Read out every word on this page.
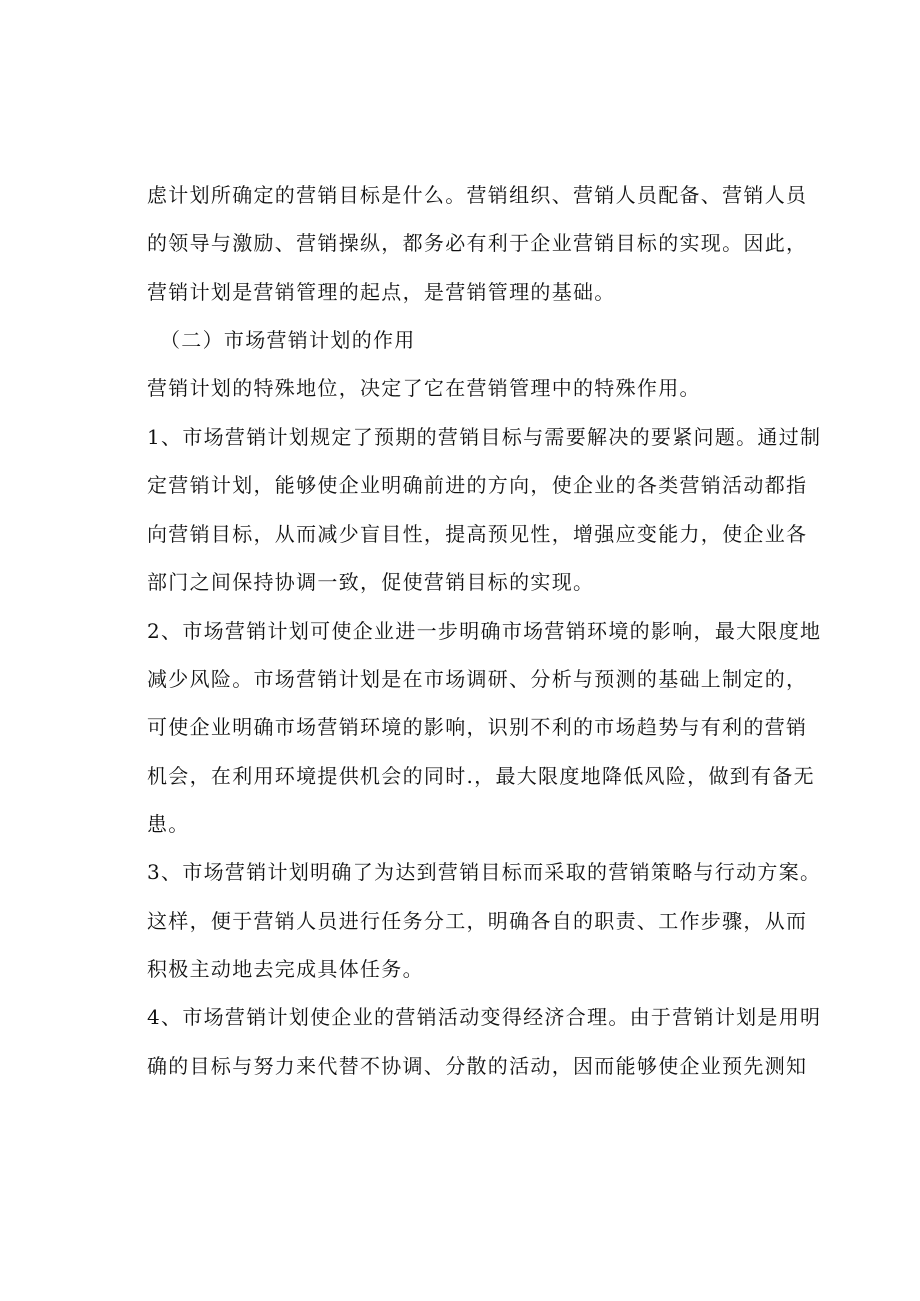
虑计划所确定的营销目标是什么。营销组织、营销人员配备、营销人员
的领导与激励、营销操纵，都务必有利于企业营销目标的实现。因此，
营销计划是营销管理的起点，是营销管理的基础。
（二）市场营销计划的作用
营销计划的特殊地位，决定了它在营销管理中的特殊作用。
1、市场营销计划规定了预期的营销目标与需要解决的要紧问题。通过制
定营销计划，能够使企业明确前进的方向，使企业的各类营销活动都指
向营销目标，从而减少盲目性，提高预见性，增强应变能力，使企业各
部门之间保持协调一致，促使营销目标的实现。
2、市场营销计划可使企业进一步明确市场营销环境的影响，最大限度地
减少风险。市场营销计划是在市场调研、分析与预测的基础上制定的，
可使企业明确市场营销环境的影响，识别不利的市场趋势与有利的营销
机会，在利用环境提供机会的同时.，最大限度地降低风险，做到有备无
患。
3、市场营销计划明确了为达到营销目标而采取的营销策略与行动方案。
这样，便于营销人员进行任务分工，明确各自的职责、工作步骤，从而
积极主动地去完成具体任务。
4、市场营销计划使企业的营销活动变得经济合理。由于营销计划是用明
确的目标与努力来代替不协调、分散的活动，因而能够使企业预先测知
